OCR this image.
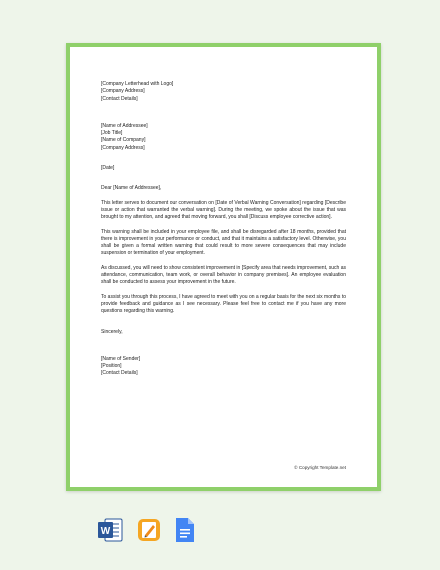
[Company Letterhead with Logo]
[Company Address]
[Contact Details]
[Name of Addressee]
[Job Title]
[Name of Company]
[Company Address]
[Date]
Dear [Name of Addressee],

This letter serves to document our conversation on [Date of Verbal Warning Conversation] regarding [Describe issue or action that warranted the verbal warning]. During the meeting, we spoke about the issue that was brought to my attention, and agreed that moving forward, you shall [Discuss employee corrective action].

This warning shall be included in your employee file, and shall be disregarded after 18 months, provided that there is improvement in your performance or conduct, and that it maintains a satisfactory level. Otherwise, you shall be given a formal written warning that could result to more severe consequences that may include suspension or termination of your employment.

As discussed, you will need to show consistent improvement in [Specify area that needs improvement, such as attendance, communication, team work, or overall behavior in company premises]. An employee evaluation shall be conducted to assess your improvement in the future.

To assist you through this process, I have agreed to meet with you on a regular basis for the next six months to provide feedback and guidance as I see necessary. Please feel free to contact me if you have any more questions regarding this warning.

Sincerely,
[Name of Sender]
[Position]
[Contact Details]
© Copyright Template.net
W
